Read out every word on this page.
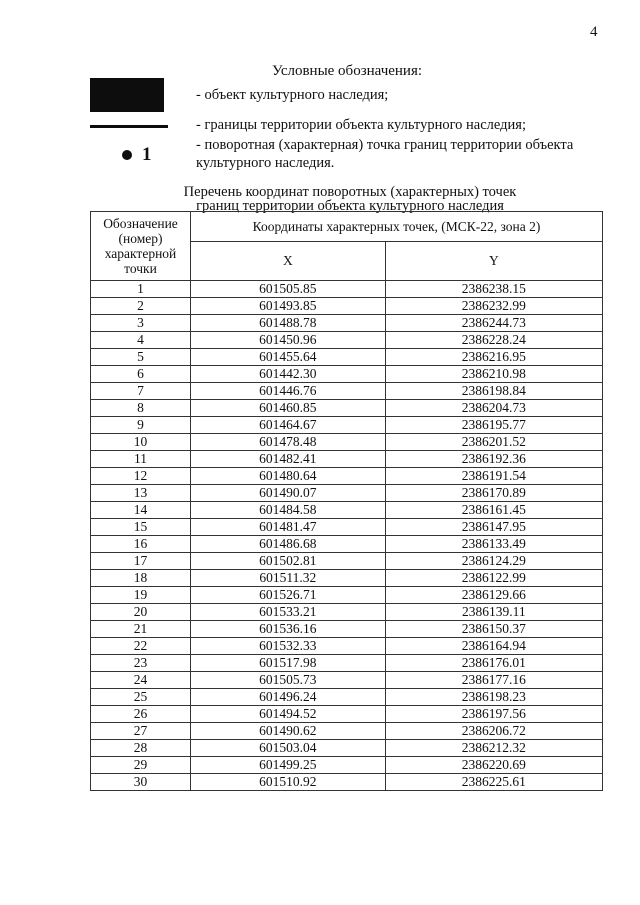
4
Условные обозначения:
- объект культурного наследия;
- границы территории объекта культурного наследия;
1	- поворотная (характерная) точка границ территории объекта
культурного наследия.
Перечень координат поворотных (характерных) точек
границ территории объекта культурного наследия
Обозначение (номер) характерной точки	Координаты характерных точек, (МСК-22, зона 2)	
	X	Y
1	601505.85	2386238.15
2	601493.85	2386232.99
3	601488.78	2386244.73
4	601450.96	2386228.24
5	601455.64	2386216.95
6	601442.30	2386210.98
7	601446.76	2386198.84
8	601460.85	2386204.73
9	601464.67	2386195.77
10	601478.48	2386201.52
11	601482.41	2386192.36
12	601480.64	2386191.54
13	601490.07	2386170.89
14	601484.58	2386161.45
15	601481.47	2386147.95
16	601486.68	2386133.49
17	601502.81	2386124.29
18	601511.32	2386122.99
19	601526.71	2386129.66
20	601533.21	2386139.11
21	601536.16	2386150.37
22	601532.33	2386164.94
23	601517.98	2386176.01
24	601505.73	2386177.16
25	601496.24	2386198.23
26	601494.52	2386197.56
27	601490.62	2386206.72
28	601503.04	2386212.32
29	601499.25	2386220.69
30	601510.92	2386225.61
